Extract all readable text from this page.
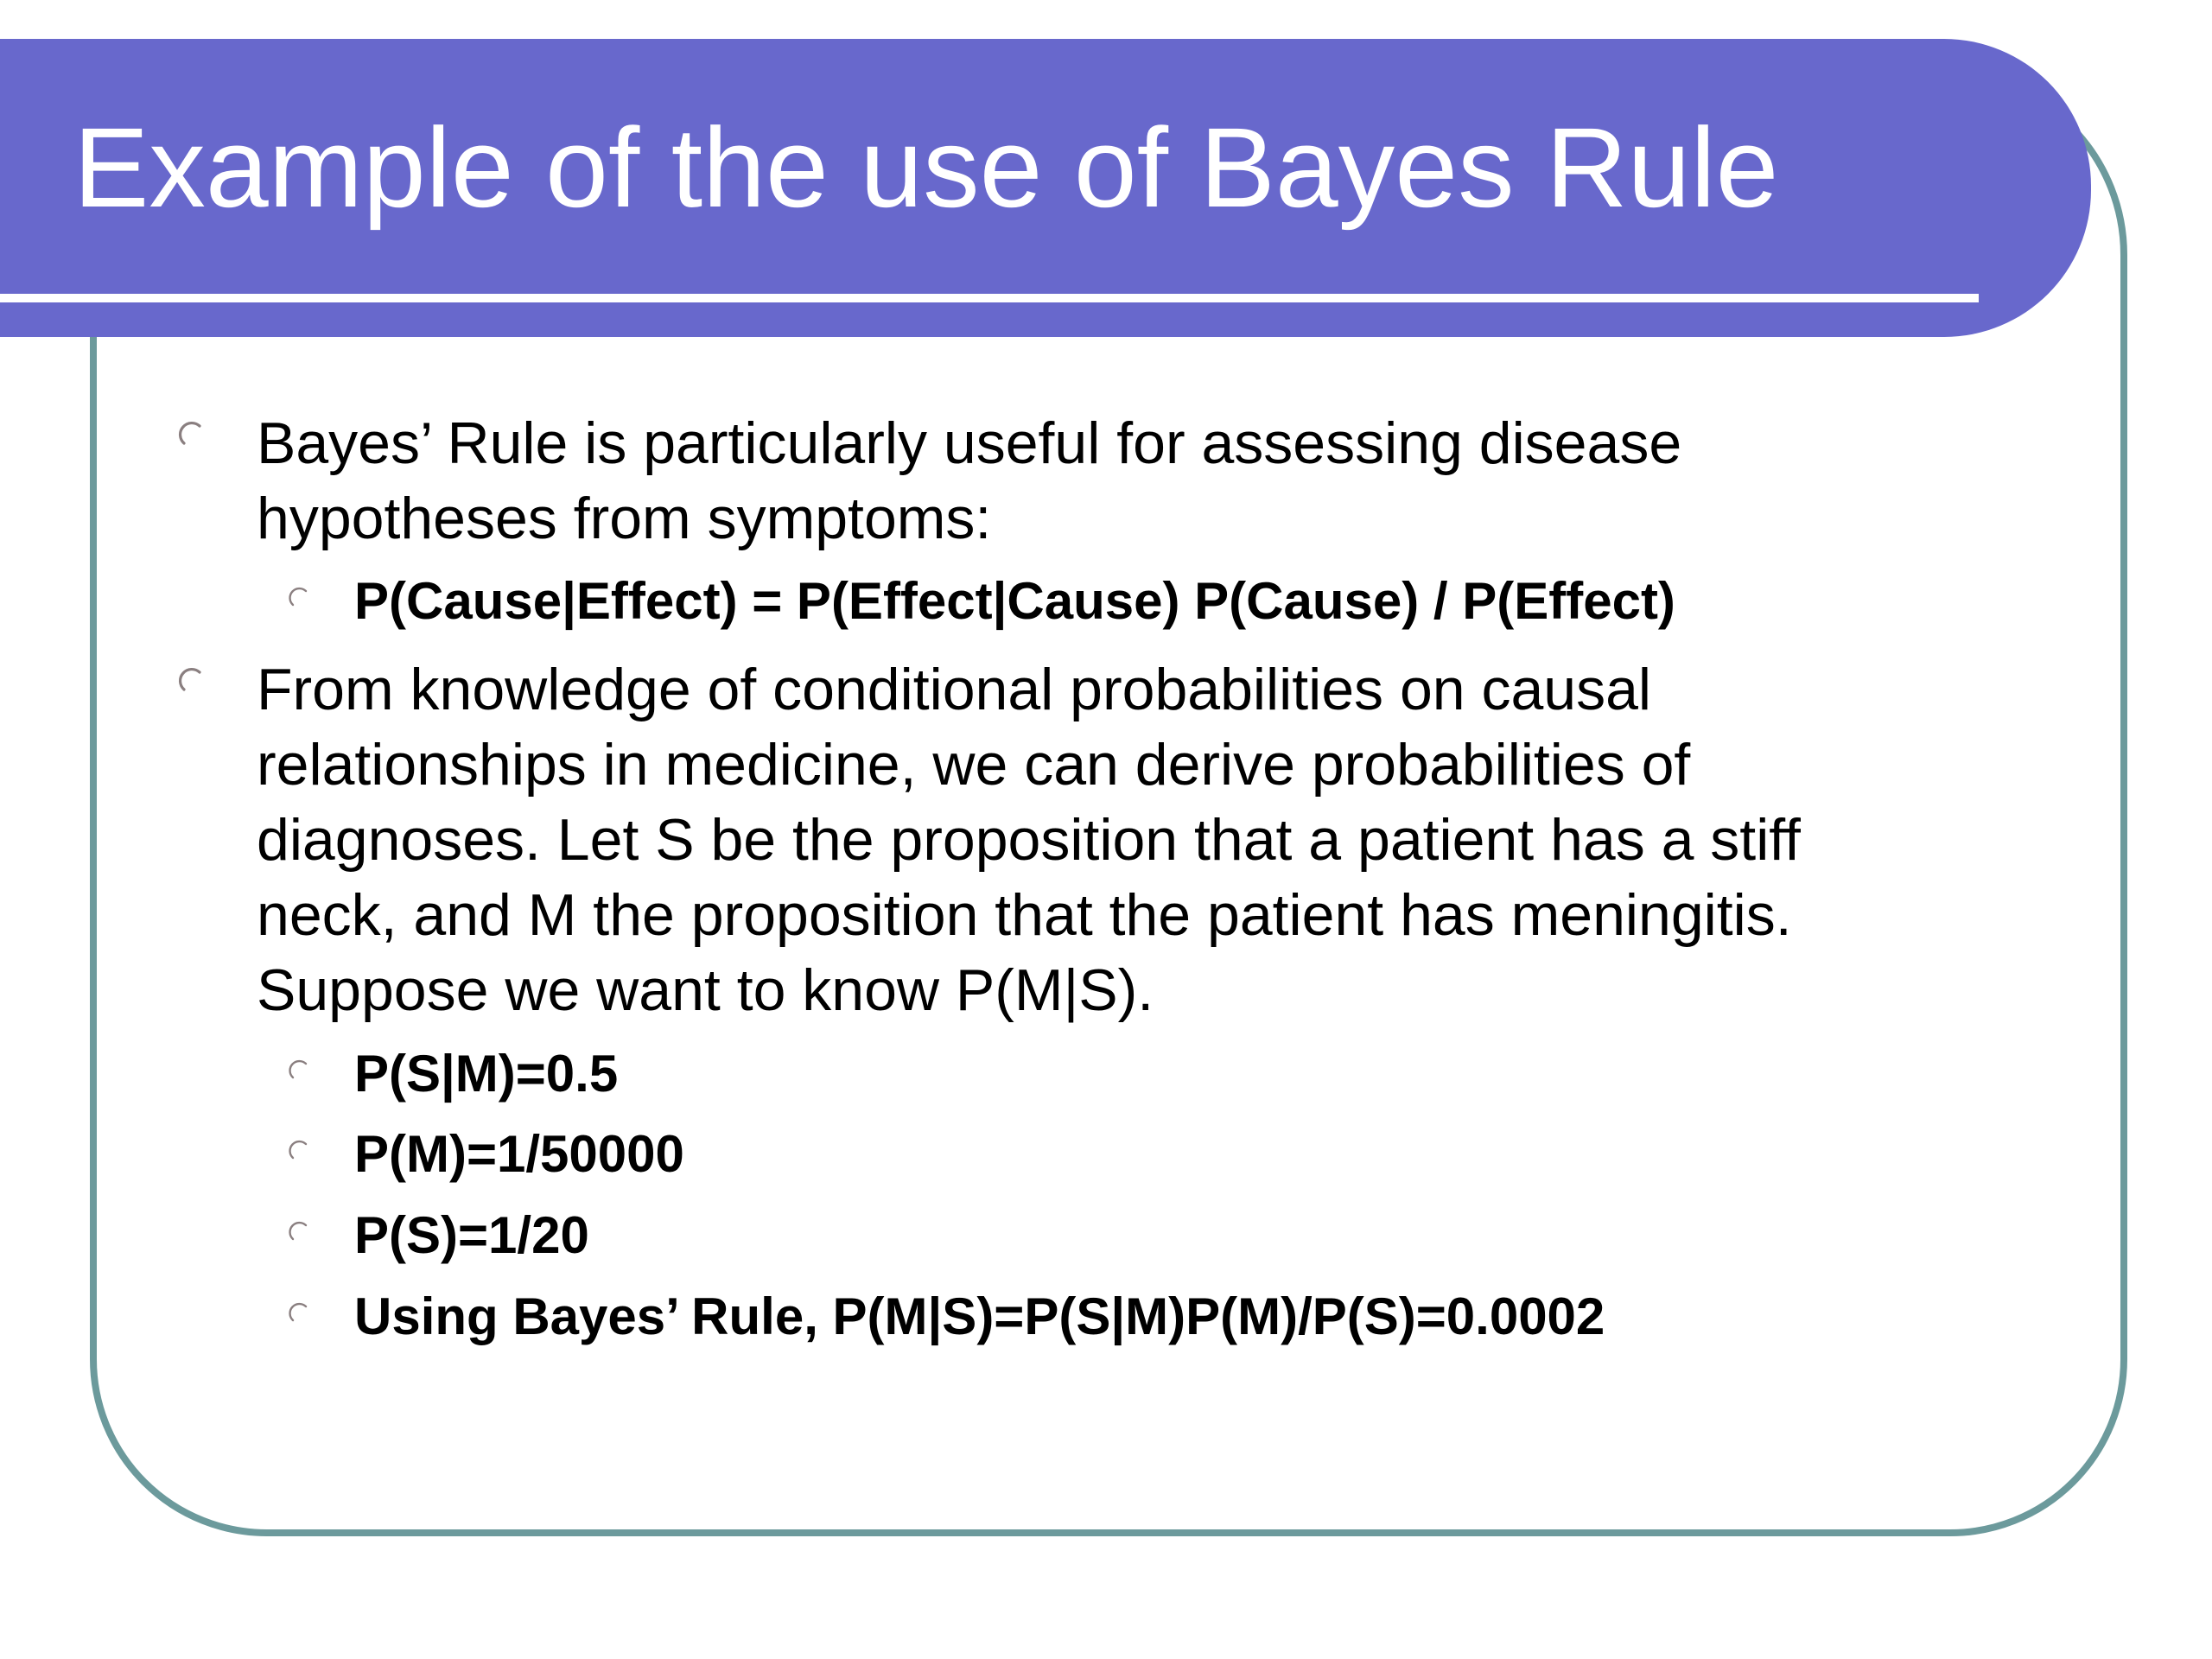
Example of the use of Bayes Rule

Bayes’ Rule is particularly useful for assessing disease
hypotheses from symptoms:

P(Cause|Effect) = P(Effect|Cause) P(Cause) / P(Effect)

From knowledge of conditional probabilities on causal
relationships in medicine, we can derive probabilities of
diagnoses. Let S be the proposition that a patient has a stiff
neck, and M the proposition that the patient has meningitis.
Suppose we want to know P(M|S).

P(S|M)=0.5

P(M)=1/50000

P(S)=1/20

Using Bayes’ Rule, P(M|S)=P(S|M)P(M)/P(S)=0.0002
